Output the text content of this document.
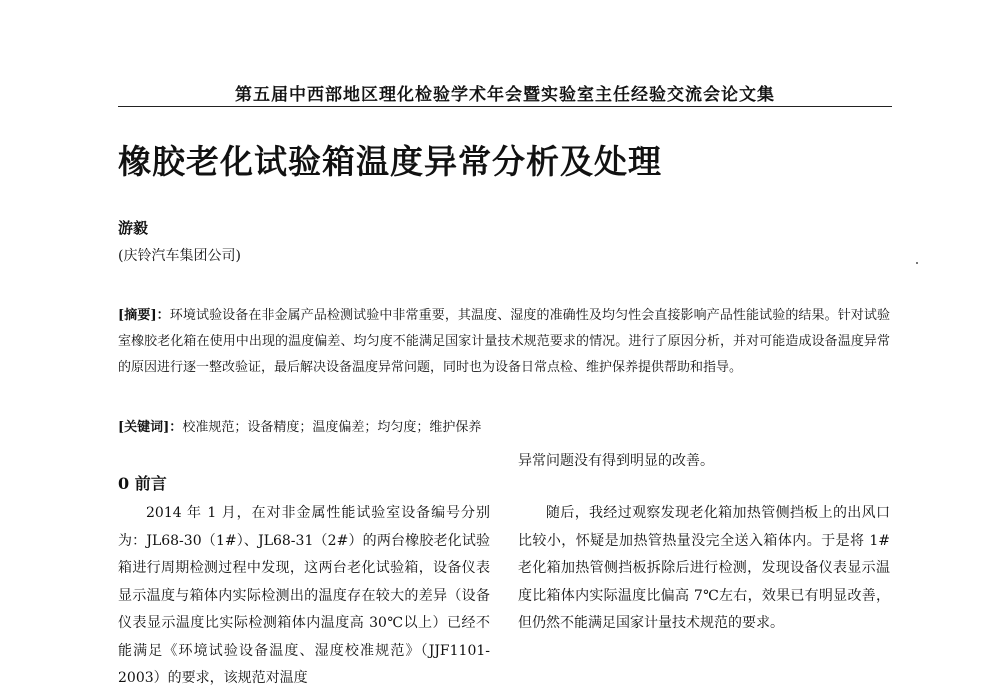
第五届中西部地区理化检验学术年会暨实验室主任经验交流会论文集
橡胶老化试验箱温度异常分析及处理
游毅
(庆铃汽车集团公司)
[摘要]：环境试验设备在非金属产品检测试验中非常重要，其温度、湿度的准确性及均匀性会直接影响产品性能试验的结果。针对试验室橡胶老化箱在使用中出现的温度偏差、均匀度不能满足国家计量技术规范要求的情况。进行了原因分析，并对可能造成设备温度异常的原因进行逐一整改验证，最后解决设备温度异常问题，同时也为设备日常点检、维护保养提供帮助和指导。
[关键词]：校准规范；设备精度；温度偏差；均匀度；维护保养
异常问题没有得到明显的改善。
0 前言

2014 年 1 月，在对非金属性能试验室设备编号分别为：JL68-30（1#）、JL68-31（2#）的两台橡胶老化试验箱进行周期检测过程中发现，这两台老化试验箱，设备仪表显示温度与箱体内实际检测出的温度存在较大的差异（设备仪表显示温度比实际检测箱体内温度高 30℃以上）已经不能满足《环境试验设备温度、湿度校准规范》（JJF1101-2003）的要求，该规范对温度

随后，我经过观察发现老化箱加热管侧挡板上的出风口比较小，怀疑是加热管热量没完全送入箱体内。于是将 1#老化箱加热管侧挡板拆除后进行检测，发现设备仪表显示温度比箱体内实际温度比偏高 7℃左右，效果已有明显改善，但仍然不能满足国家计量技术规范的要求。
